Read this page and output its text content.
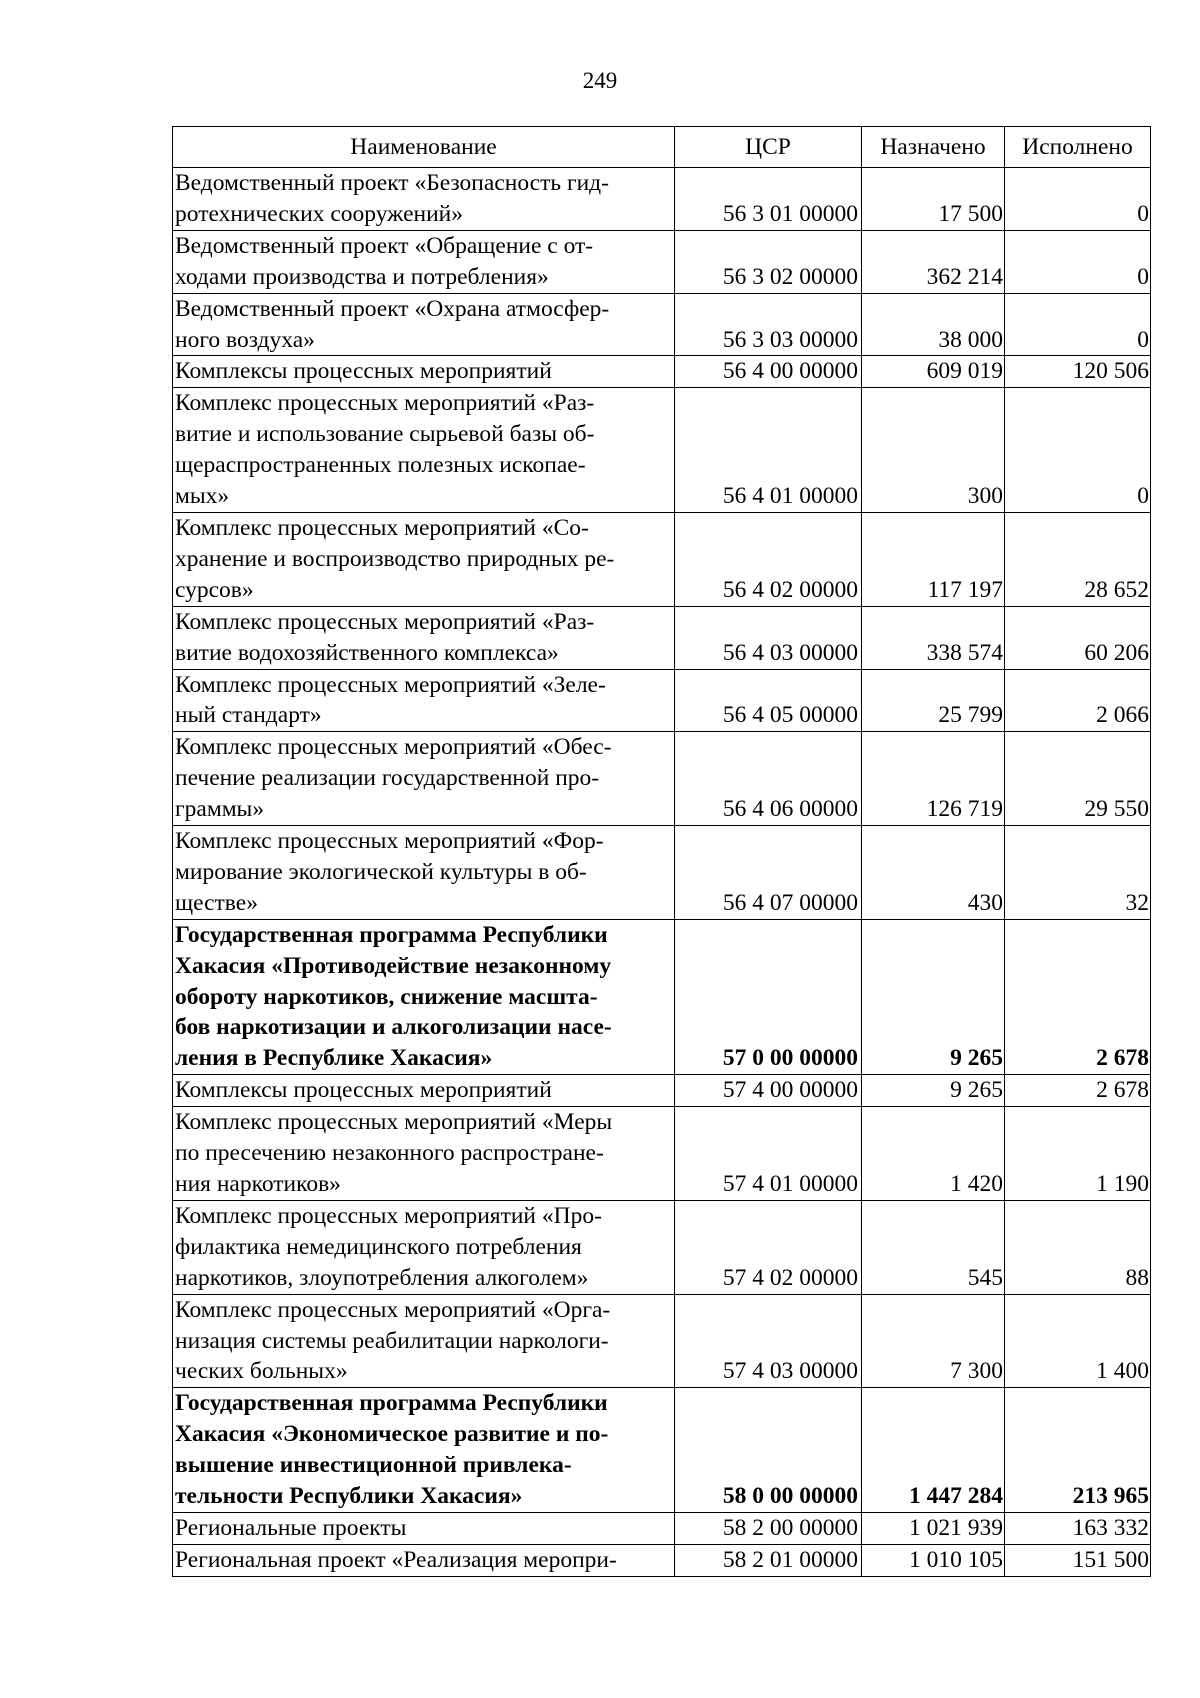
249
Наименование	ЦСР	Назначено	Исполнено

Ведомственный проект «Безопасность гид-
ротехнических сооружений»	56 3 01 00000	17 500	0

Ведомственный проект «Обращение с от-
ходами производства и потребления»	56 3 02 00000	362 214	0

Ведомственный проект «Охрана атмосфер-
ного воздуха»	56 3 03 00000	38 000	0

Комплексы процессных мероприятий	56 4 00 00000	609 019	120 506

Комплекс процессных мероприятий «Раз-
витие и использование сырьевой базы об-
щераспространенных полезных ископае-
мых»	56 4 01 00000	300	0

Комплекс процессных мероприятий «Со-
хранение и воспроизводство природных ре-
сурсов»	56 4 02 00000	117 197	28 652

Комплекс процессных мероприятий «Раз-
витие водохозяйственного комплекса»	56 4 03 00000	338 574	60 206

Комплекс процессных мероприятий «Зеле-
ный стандарт»	56 4 05 00000	25 799	2 066

Комплекс процессных мероприятий «Обес-
печение реализации государственной про-
граммы»	56 4 06 00000	126 719	29 550

Комплекс процессных мероприятий «Фор-
мирование экологической культуры в об-
ществе»	56 4 07 00000	430	32

Государственная программа Республики
Хакасия «Противодействие незаконному
обороту наркотиков, снижение масшта-
бов наркотизации и алкоголизации насе-
ления в Республике Хакасия»	57 0 00 00000	9 265	2 678

Комплексы процессных мероприятий	57 4 00 00000	9 265	2 678

Комплекс процессных мероприятий «Меры
по пресечению незаконного распростране-
ния наркотиков»	57 4 01 00000	1 420	1 190

Комплекс процессных мероприятий «Про-
филактика немедицинского потребления
наркотиков, злоупотребления алкоголем»	57 4 02 00000	545	88

Комплекс процессных мероприятий «Орга-
низация системы реабилитации наркологи-
ческих больных»	57 4 03 00000	7 300	1 400

Государственная программа Республики
Хакасия «Экономическое развитие и по-
вышение инвестиционной привлека-
тельности Республики Хакасия»	58 0 00 00000	1 447 284	213 965

Региональные проекты	58 2 00 00000	1 021 939	163 332

Региональная проект «Реализация меропри-	58 2 01 00000	1 010 105	151 500
